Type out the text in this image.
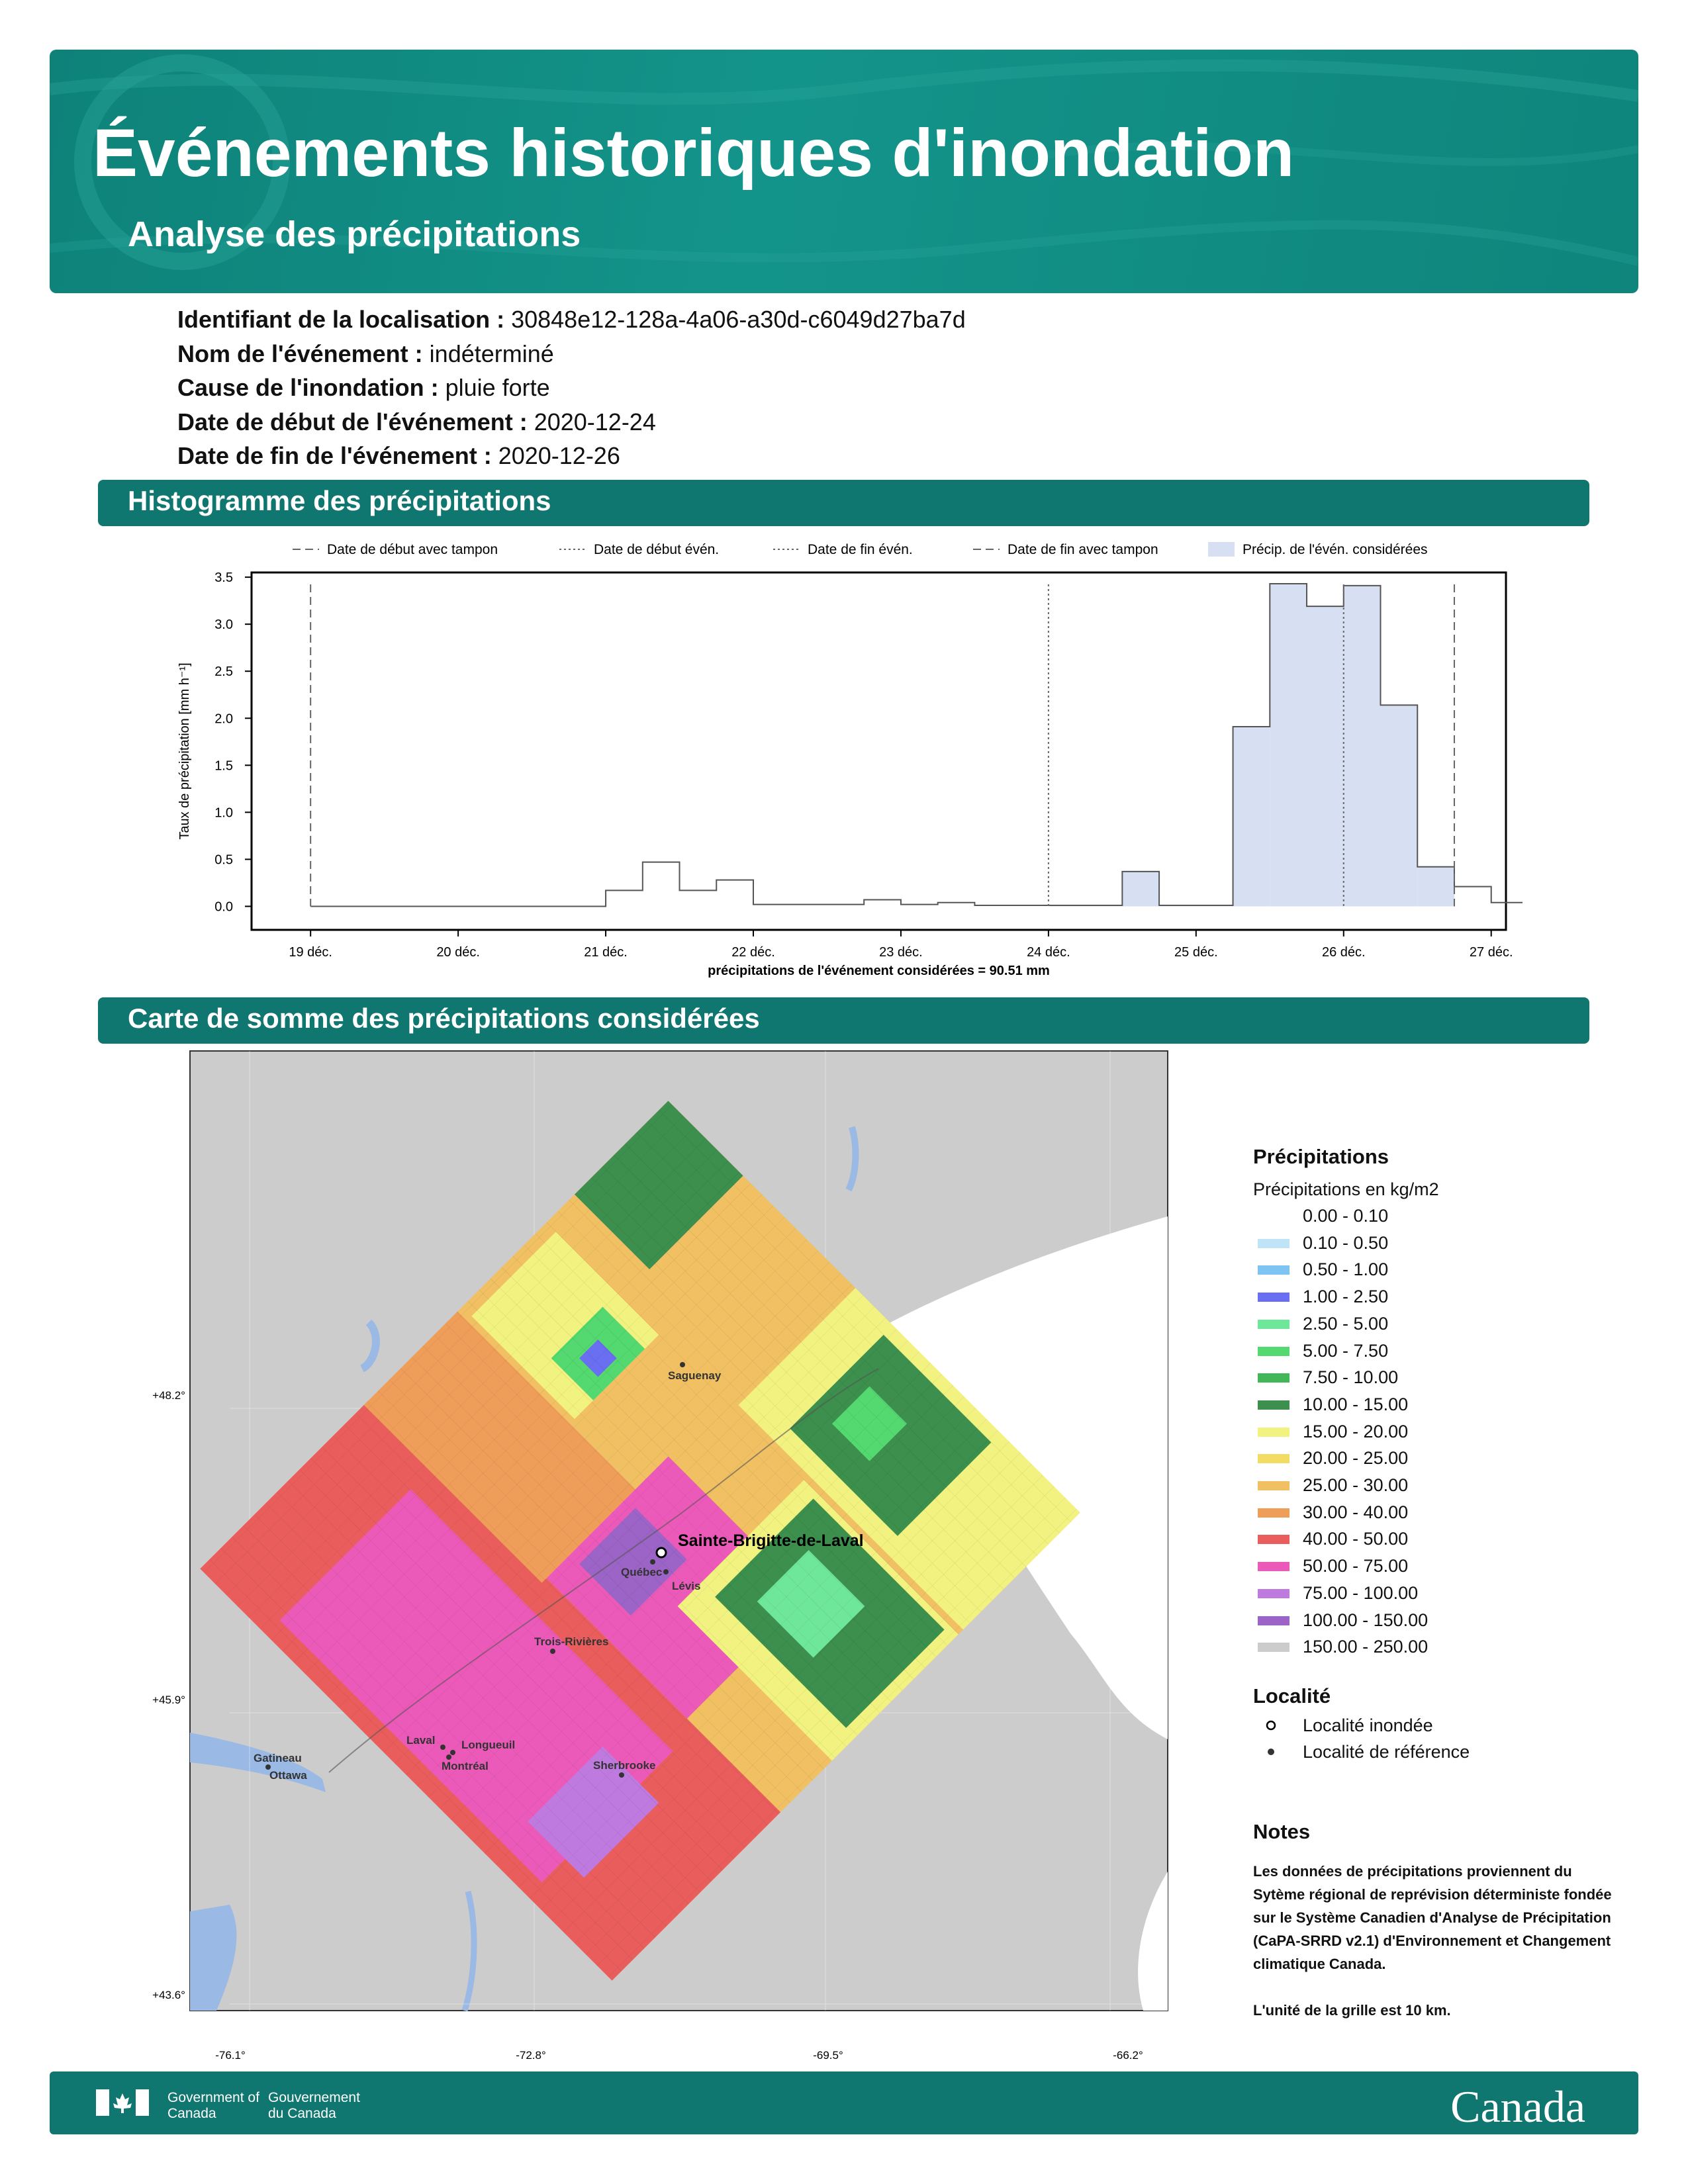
Événements historiques d'inondation
Analyse des précipitations
Identifiant de la localisation : 30848e12-128a-4a06-a30d-c6049d27ba7d
Nom de l'événement : indéterminé
Cause de l'inondation : pluie forte
Date de début de l'événement : 2020-12-24
Date de fin de l'événement : 2020-12-26
Histogramme des précipitations
0.0
0.5
1.0
1.5
2.0
2.5
3.0
3.5
19 déc.	20 déc.	21 déc.	22 déc.	23 déc.	24 déc.	25 déc.	26 déc.	27 déc.
précipitations de l'événement considérées = 90.51 mm
Taux de précipitation [mm h⁻¹]
Date de début avec tampon	Date de début évén.	Date de fin évén.	Date de fin avec tampon	Précip. de l'évén. considérées
Carte de somme des précipitations considérées
Sainte-Brigitte-de-Laval
Saguenay
Québec
Lévis
Trois-Rivières
Laval Longueuil
Montréal
Gatineau
Ottawa
Sherbrooke
+48.2°
+45.9°
+43.6°
-76.1°	-72.8°	-69.5°	-66.2°
Précipitations
Précipitations en kg/m2
0.00 - 0.10
0.10 - 0.50
0.50 - 1.00
1.00 - 2.50
2.50 - 5.00
5.00 - 7.50
7.50 - 10.00
10.00 - 15.00
15.00 - 20.00
20.00 - 25.00
25.00 - 30.00
30.00 - 40.00
40.00 - 50.00
50.00 - 75.00
75.00 - 100.00
100.00 - 150.00
150.00 - 250.00
Localité
Localité inondée
Localité de référence
Notes
Les données de précipitations proviennent du Sytème régional de reprévision déterministe fondée sur le Système Canadien d'Analyse de Précipitation (CaPA-SRRD v2.1) d'Environnement et Changement climatique Canada.
L'unité de la grille est 10 km.
Government of Canada
Gouvernement du Canada	Canada
